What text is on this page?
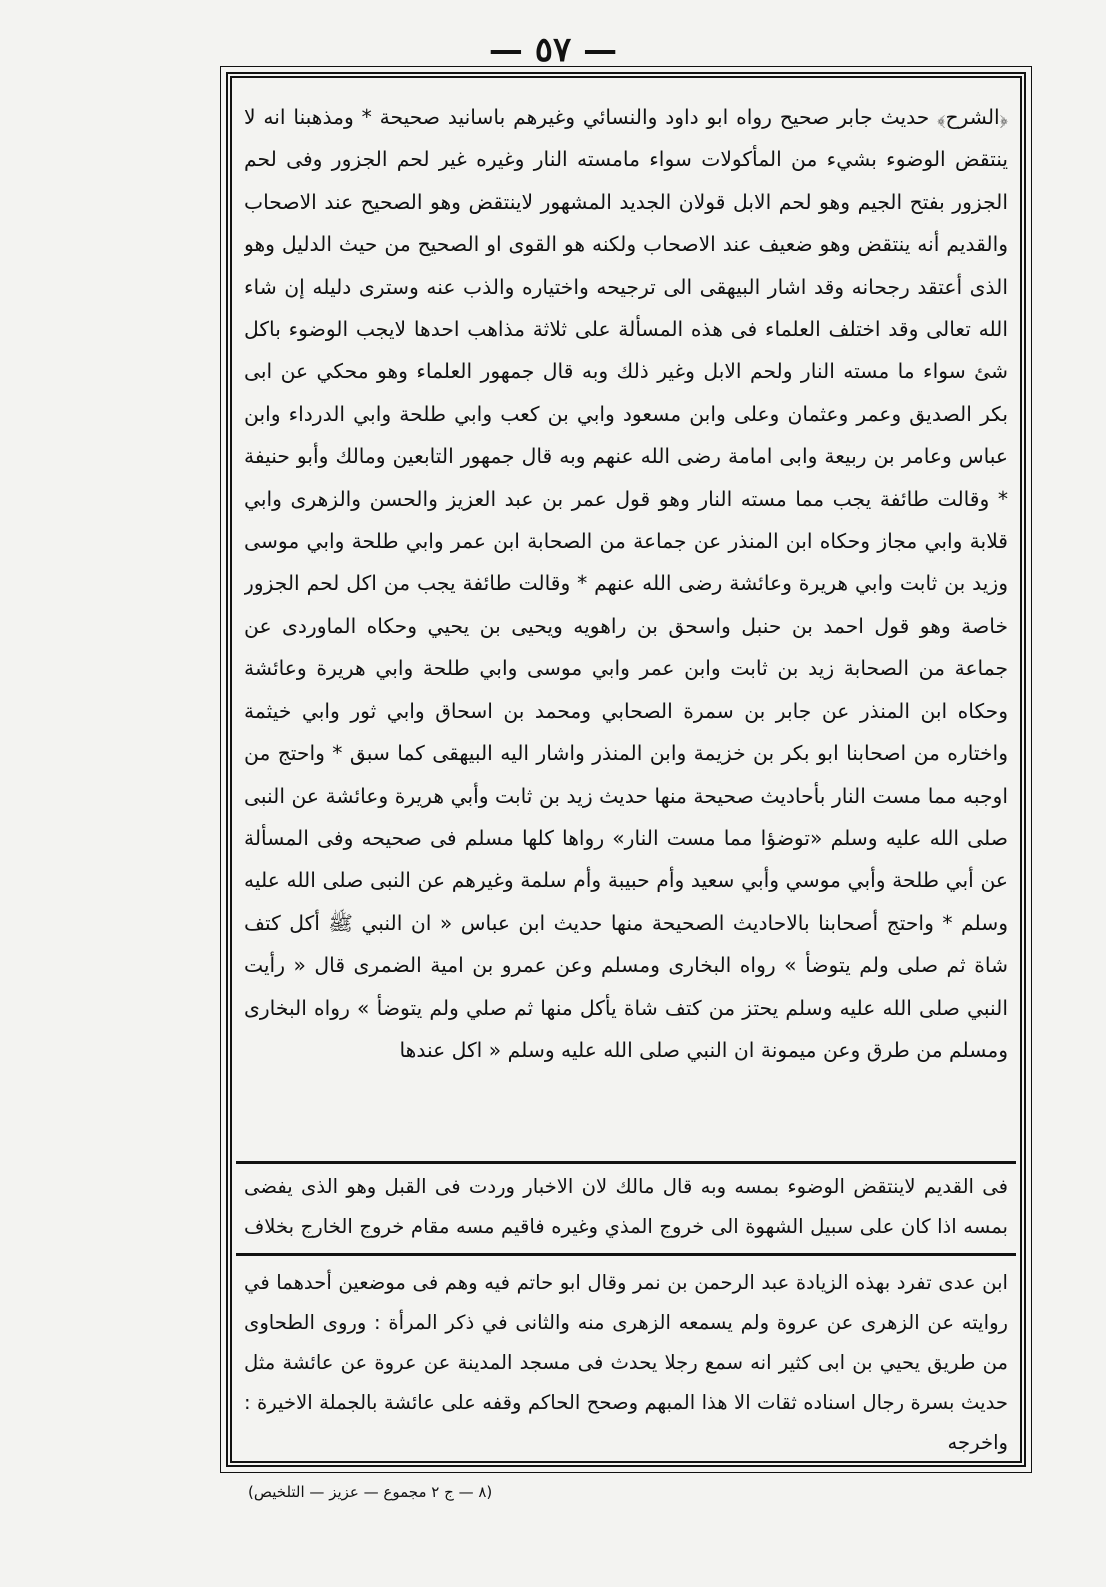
— ٥٧ —
﴿الشرح﴾ حديث جابر صحيح رواه ابو داود والنسائي وغيرهم باسانيد صحيحة * ومذهبنا انه لا ينتقض الوضوء بشيء من المأكولات سواء مامسته النار وغيره غير لحم الجزور وفى لحم الجزور بفتح الجيم وهو لحم الابل قولان الجديد المشهور لاينتقض وهو الصحيح عند الاصحاب والقديم أنه ينتقض وهو ضعيف عند الاصحاب ولكنه هو القوى او الصحيح من حيث الدليل وهو الذى أعتقد رجحانه وقد اشار البيهقى الى ترجيحه واختياره والذب عنه وسترى دليله إن شاء الله تعالى وقد اختلف العلماء فى هذه المسألة على ثلاثة مذاهب احدها لايجب الوضوء باكل شئ سواء ما مسته النار ولحم الابل وغير ذلك وبه قال جمهور العلماء وهو محكي عن ابى بكر الصديق وعمر وعثمان وعلى وابن مسعود وابي بن كعب وابي طلحة وابي الدرداء وابن عباس وعامر بن ربيعة وابى امامة رضى الله عنهم وبه قال جمهور التابعين ومالك وأبو حنيفة * وقالت طائفة يجب مما مسته النار وهو قول عمر بن عبد العزيز والحسن والزهرى وابي قلابة وابي مجاز وحكاه ابن المنذر عن جماعة من الصحابة ابن عمر وابي طلحة وابي موسى وزيد بن ثابت وابي هريرة وعائشة رضى الله عنهم * وقالت طائفة يجب من اكل لحم الجزور خاصة وهو قول احمد بن حنبل واسحق بن راهويه ويحيى بن يحيي وحكاه الماوردى عن جماعة من الصحابة زيد بن ثابت وابن عمر وابي موسى وابي طلحة وابي هريرة وعائشة وحكاه ابن المنذر عن جابر بن سمرة الصحابي ومحمد بن اسحاق وابي ثور وابي خيثمة واختاره من اصحابنا ابو بكر بن خزيمة وابن المنذر واشار اليه البيهقى كما سبق * واحتج من اوجبه مما مست النار بأحاديث صحيحة منها حديث زيد بن ثابت وأبي هريرة وعائشة عن النبى صلى الله عليه وسلم «توضؤا مما مست النار» رواها كلها مسلم فى صحيحه وفى المسألة عن أبي طلحة وأبي موسي وأبي سعيد وأم حبيبة وأم سلمة وغيرهم عن النبى صلى الله عليه وسلم * واحتج أصحابنا بالاحاديث الصحيحة منها حديث ابن عباس « ان النبي ﷺ أكل كتف شاة ثم صلى ولم يتوضأ » رواه البخارى ومسلم وعن عمرو بن امية الضمرى قال « رأيت النبي صلى الله عليه وسلم يحتز من كتف شاة يأكل منها ثم صلي ولم يتوضأ » رواه البخارى ومسلم من طرق وعن ميمونة ان النبي صلى الله عليه وسلم « اكل عندها
فى القديم لاينتقض الوضوء بمسه وبه قال مالك لان الاخبار وردت فى القبل وهو الذى يفضى بمسه اذا كان على سبيل الشهوة الى خروج المذي وغيره فاقيم مسه مقام خروج الخارج بخلاف
ابن عدى تفرد بهذه الزيادة عبد الرحمن بن نمر وقال ابو حاتم فيه وهم فى موضعين أحدهما في روايته عن الزهرى عن عروة ولم يسمعه الزهرى منه والثانى في ذكر المرأة : وروى الطحاوى من طريق يحيي بن ابى كثير انه سمع رجلا يحدث فى مسجد المدينة عن عروة عن عائشة مثل حديث بسرة رجال اسناده ثقات الا هذا المبهم وصحح الحاكم وقفه على عائشة بالجملة الاخيرة : واخرجه
(٨ — ج ٢ مجموع — عزيز — التلخيص)
